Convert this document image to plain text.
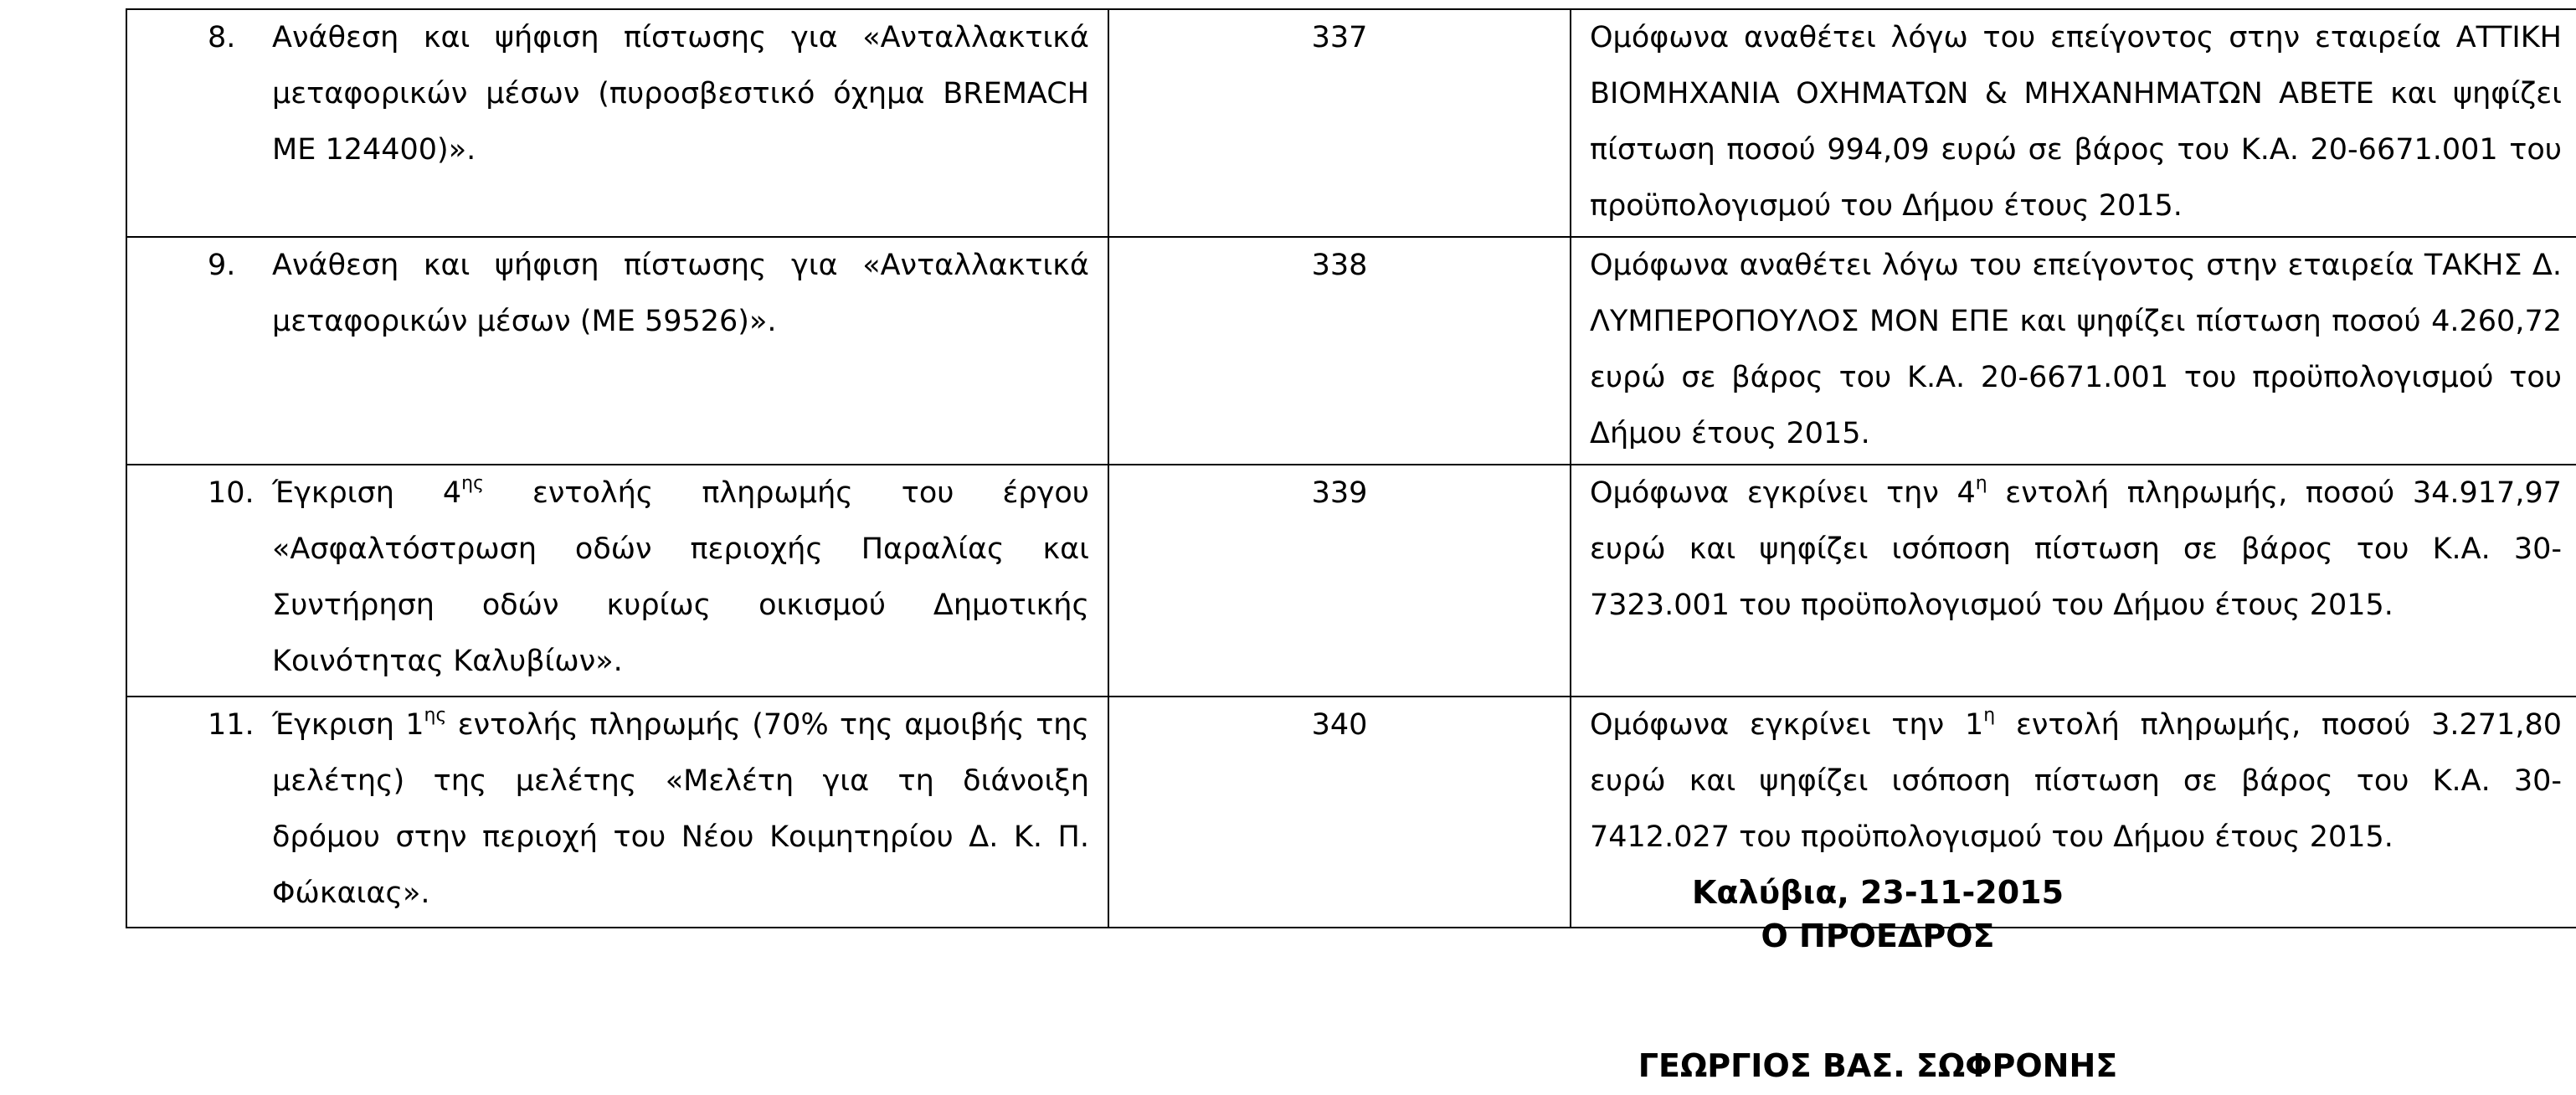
8. Ανάθεση και ψήφιση πίστωσης για «Ανταλλακτικά μεταφορικών μέσων (πυροσβεστικό όχημα BREMACH ΜΕ 124400)».	337	Ομόφωνα αναθέτει λόγω του επείγοντος στην εταιρεία ΑΤΤΙΚΗ ΒΙΟΜΗΧΑΝΙΑ ΟΧΗΜΑΤΩΝ & ΜΗΧΑΝΗΜΑΤΩΝ ΑΒΕΤΕ και ψηφίζει πίστωση ποσού 994,09 ευρώ σε βάρος του Κ.Α. 20-6671.001 του προϋπολογισμού του Δήμου έτους 2015.

9. Ανάθεση και ψήφιση πίστωσης για «Ανταλλακτικά μεταφορικών μέσων (ΜΕ 59526)».	338	Ομόφωνα αναθέτει λόγω του επείγοντος στην εταιρεία ΤΑΚΗΣ Δ. ΛΥΜΠΕΡΟΠΟΥΛΟΣ ΜΟΝ ΕΠΕ και ψηφίζει πίστωση ποσού 4.260,72 ευρώ σε βάρος του Κ.Α. 20-6671.001 του προϋπολογισμού του Δήμου έτους 2015.

10. Έγκριση $4^{\eta\varsigma}$ εντολής πληρωμής του έργου «Ασφαλτόστρωση οδών περιοχής Παραλίας και Συντήρηση οδών κυρίως οικισμού Δημοτικής Κοινότητας Καλυβίων».	339	Ομόφωνα εγκρίνει την $4^\eta$ εντολή πληρωμής, ποσού 34.917,97 ευρώ και ψηφίζει ισόποση πίστωση σε βάρος του Κ.Α. 30-7323.001 του προϋπολογισμού του Δήμου έτους 2015.

11. Έγκριση $1^{\eta\varsigma}$ εντολής πληρωμής (70% της αμοιβής της μελέτης) της μελέτης «Μελέτη για τη διάνοιξη δρόμου στην περιοχή του Νέου Κοιμητηρίου Δ. Κ. Π. Φώκαιας».	340	Ομόφωνα εγκρίνει την $1^\eta$ εντολή πληρωμής, ποσού 3.271,80 ευρώ και ψηφίζει ισόποση πίστωση σε βάρος του Κ.Α. 30-7412.027 του προϋπολογισμού του Δήμου έτους 2015.
Καλύβια, 23-11-2015
Ο ΠΡΟΕΔΡΟΣ
ΓΕΩΡΓΙΟΣ ΒΑΣ. ΣΩΦΡΟΝΗΣ
